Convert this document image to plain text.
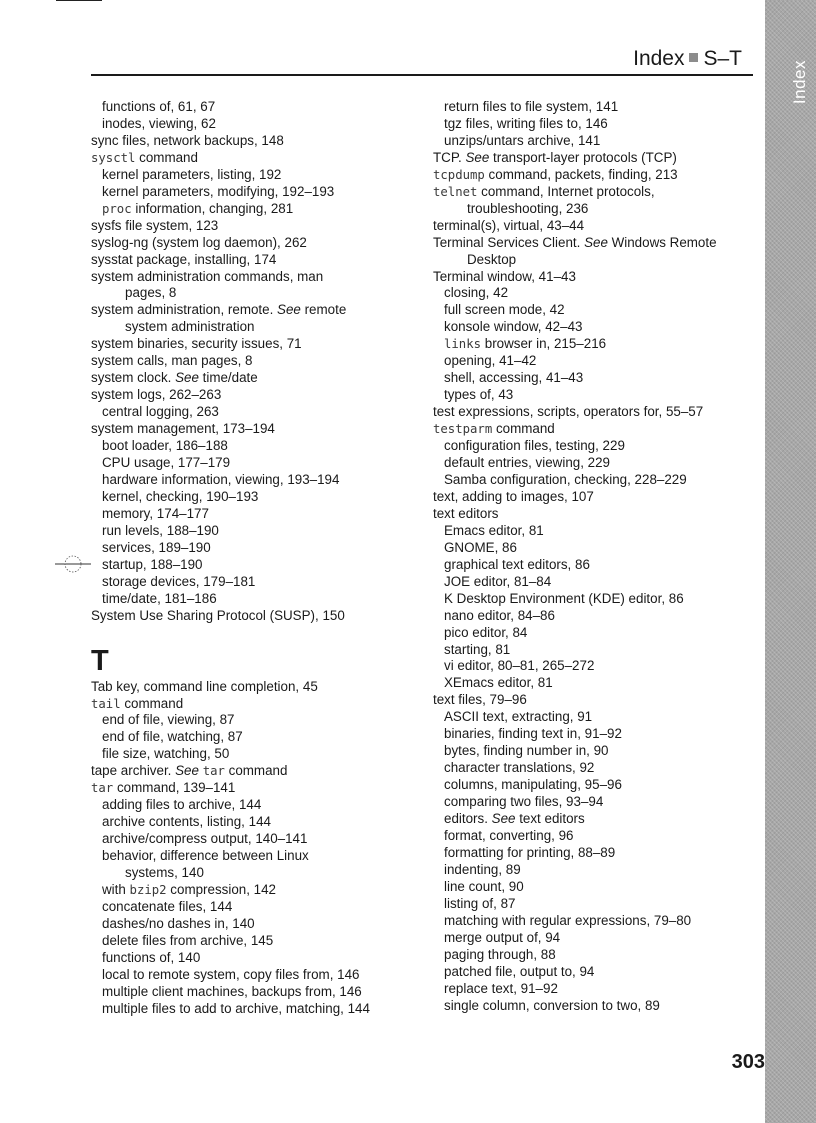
Index
Index S–T
functions of, 61, 67
inodes, viewing, 62
sync files, network backups, 148
sysctl command
kernel parameters, listing, 192
kernel parameters, modifying, 192–193
proc information, changing, 281
sysfs file system, 123
syslog-ng (system log daemon), 262
sysstat package, installing, 174
system administration commands, man
pages, 8
system administration, remote. See remote
system administration
system binaries, security issues, 71
system calls, man pages, 8
system clock. See time/date
system logs, 262–263
central logging, 263
system management, 173–194
boot loader, 186–188
CPU usage, 177–179
hardware information, viewing, 193–194
kernel, checking, 190–193
memory, 174–177
run levels, 188–190
services, 189–190
startup, 188–190
storage devices, 179–181
time/date, 181–186
System Use Sharing Protocol (SUSP), 150
T
Tab key, command line completion, 45
tail command
end of file, viewing, 87
end of file, watching, 87
file size, watching, 50
tape archiver. See tar command
tar command, 139–141
adding files to archive, 144
archive contents, listing, 144
archive/compress output, 140–141
behavior, difference between Linux
systems, 140
with bzip2 compression, 142
concatenate files, 144
dashes/no dashes in, 140
delete files from archive, 145
functions of, 140
local to remote system, copy files from, 146
multiple client machines, backups from, 146
multiple files to add to archive, matching, 144
return files to file system, 141
tgz files, writing files to, 146
unzips/untars archive, 141
TCP. See transport-layer protocols (TCP)
tcpdump command, packets, finding, 213
telnet command, Internet protocols,
troubleshooting, 236
terminal(s), virtual, 43–44
Terminal Services Client. See Windows Remote
Desktop
Terminal window, 41–43
closing, 42
full screen mode, 42
konsole window, 42–43
links browser in, 215–216
opening, 41–42
shell, accessing, 41–43
types of, 43
test expressions, scripts, operators for, 55–57
testparm command
configuration files, testing, 229
default entries, viewing, 229
Samba configuration, checking, 228–229
text, adding to images, 107
text editors
Emacs editor, 81
GNOME, 86
graphical text editors, 86
JOE editor, 81–84
K Desktop Environment (KDE) editor, 86
nano editor, 84–86
pico editor, 84
starting, 81
vi editor, 80–81, 265–272
XEmacs editor, 81
text files, 79–96
ASCII text, extracting, 91
binaries, finding text in, 91–92
bytes, finding number in, 90
character translations, 92
columns, manipulating, 95–96
comparing two files, 93–94
editors. See text editors
format, converting, 96
formatting for printing, 88–89
indenting, 89
line count, 90
listing of, 87
matching with regular expressions, 79–80
merge output of, 94
paging through, 88
patched file, output to, 94
replace text, 91–92
single column, conversion to two, 89
303
